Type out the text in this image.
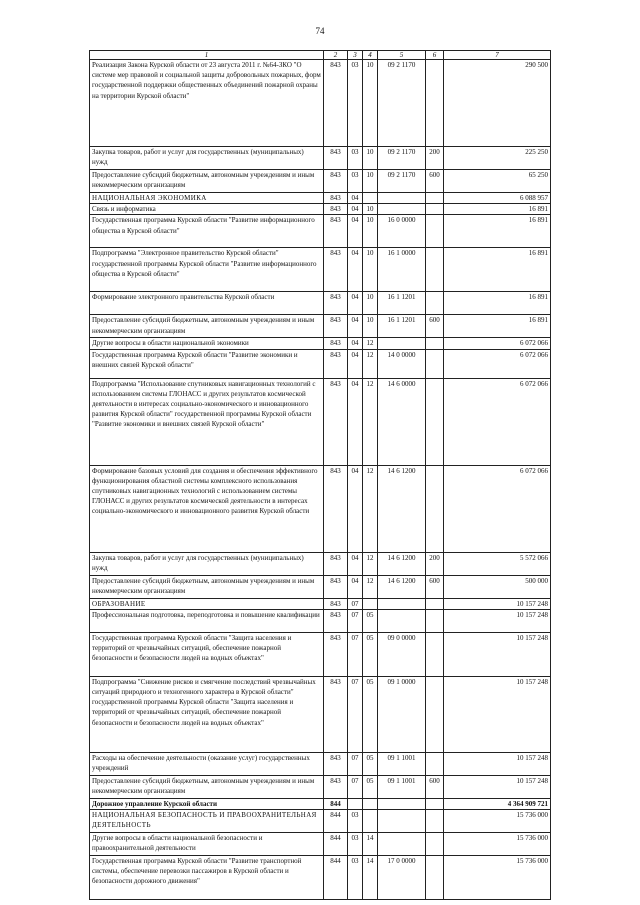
74
1	2	3	4	5	6	7
Реализация Закона Курской области от 23 августа 2011 г. №64-ЗКО "О системе мер правовой и социальной защиты добровольных пожарных, форм государственной поддержки общественных объединений пожарной охраны на территории Курской области"	843	03	10	09 2 1170		290 500
Закупка товаров, работ и услуг для государственных (муниципальных) нужд	843	03	10	09 2 1170	200	225 250
Предоставление субсидий бюджетным, автономным учреждениям и иным некоммерческим организациям	843	03	10	09 2 1170	600	65 250
НАЦИОНАЛЬНАЯ ЭКОНОМИКА	843	04				6 088 957
Связь и информатика	843	04	10			16 891
Государственная программа Курской области "Развитие информационного общества в Курской области"	843	04	10	16 0 0000		16 891
Подпрограмма "Электронное правительство Курской области" государственной программы Курской области "Развитие информационного общества в Курской области"	843	04	10	16 1 0000		16 891
Формирование электронного правительства Курской области	843	04	10	16 1 1201		16 891
Предоставление субсидий бюджетным, автономным учреждениям и иным некоммерческим организациям	843	04	10	16 1 1201	600	16 891
Другие вопросы в области национальной экономики	843	04	12			6 072 066
Государственная программа Курской области "Развитие экономики и внешних связей Курской области"	843	04	12	14 0 0000		6 072 066
Подпрограмма "Использование спутниковых навигационных технологий с использованием системы ГЛОНАСС и других результатов космической деятельности в интересах социально-экономического и инновационного развития Курской области" государственной программы Курской области "Развитие экономики и внешних связей Курской области"	843	04	12	14 6 0000		6 072 066
Формирование базовых условий для создания и обеспечения эффективного функционирования областной системы комплексного использования спутниковых навигационных технологий с использованием системы ГЛОНАСС и других результатов космической деятельности в интересах социально-экономического и инновационного развития Курской области	843	04	12	14 6 1200		6 072 066
Закупка товаров, работ и услуг для государственных (муниципальных) нужд	843	04	12	14 6 1200	200	5 572 066
Предоставление субсидий бюджетным, автономным учреждениям и иным некоммерческим организациям	843	04	12	14 6 1200	600	500 000
ОБРАЗОВАНИЕ	843	07				10 157 248
Профессиональная подготовка, переподготовка и повышение квалификации	843	07	05			10 157 248
Государственная программа Курской области "Защита населения и территорий от чрезвычайных ситуаций, обеспечение пожарной безопасности и безопасности людей на водных объектах"	843	07	05	09 0 0000		10 157 248
Подпрограмма "Снижение рисков и смягчение последствий чрезвычайных ситуаций природного и техногенного характера в Курской области" государственной программы Курской области "Защита населения и территорий от чрезвычайных ситуаций, обеспечение пожарной безопасности и безопасности людей на водных объектах"	843	07	05	09 1 0000		10 157 248
Расходы на обеспечение деятельности (оказание услуг) государственных учреждений	843	07	05	09 1 1001		10 157 248
Предоставление субсидий бюджетным, автономным учреждениям и иным некоммерческим организациям	843	07	05	09 1 1001	600	10 157 248
Дорожное управление Курской области	844					4 364 909 721
НАЦИОНАЛЬНАЯ БЕЗОПАСНОСТЬ И ПРАВООХРАНИТЕЛЬНАЯ ДЕЯТЕЛЬНОСТЬ	844	03				15 736 000
Другие вопросы в области национальной безопасности и правоохранительной деятельности	844	03	14			15 736 000
Государственная программа Курской области "Развитие транспортной системы, обеспечение перевозки пассажиров в Курской области и безопасности дорожного движения"	844	03	14	17 0 0000		15 736 000
